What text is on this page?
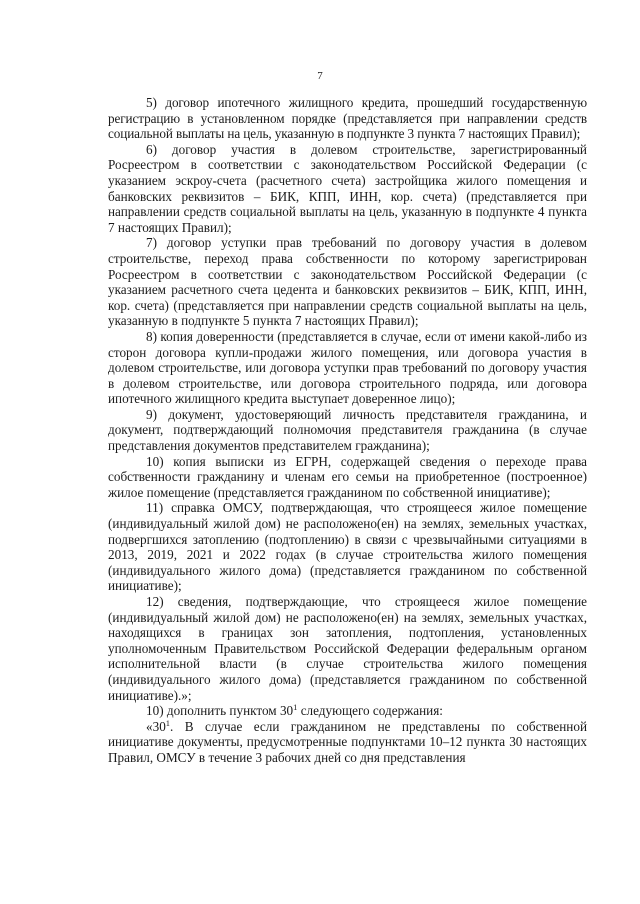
7

5) договор ипотечного жилищного кредита, прошедший государственную регистрацию в установленном порядке (представляется при направлении средств социальной выплаты на цель, указанную в подпункте 3 пункта 7 настоящих Правил);

6) договор участия в долевом строительстве, зарегистрированный Росреестром в соответствии с законодательством Российской Федерации (с указанием эскроу-счета (расчетного счета) застройщика жилого помещения и банковских реквизитов – БИК, КПП, ИНН, кор. счета) (представляется при направлении средств социальной выплаты на цель, указанную в подпункте 4 пункта 7 настоящих Правил);

7) договор уступки прав требований по договору участия в долевом строительстве, переход права собственности по которому зарегистрирован Росреестром в соответствии с законодательством Российской Федерации (с указанием расчетного счета цедента и банковских реквизитов – БИК, КПП, ИНН, кор. счета) (представляется при направлении средств социальной выплаты на цель, указанную в подпункте 5 пункта 7 настоящих Правил);

8) копия доверенности (представляется в случае, если от имени какой-либо из сторон договора купли-продажи жилого помещения, или договора участия в долевом строительстве, или договора уступки прав требований по договору участия в долевом строительстве, или договора строительного подряда, или договора ипотечного жилищного кредита выступает доверенное лицо);

9) документ, удостоверяющий личность представителя гражданина, и документ, подтверждающий полномочия представителя гражданина (в случае представления документов представителем гражданина);

10) копия выписки из ЕГРН, содержащей сведения о переходе права собственности гражданину и членам его семьи на приобретенное (построенное) жилое помещение (представляется гражданином по собственной инициативе);

11) справка ОМСУ, подтверждающая, что строящееся жилое помещение (индивидуальный жилой дом) не расположено(ен) на землях, земельных участках, подвергшихся затоплению (подтоплению) в связи с чрезвычайными ситуациями в 2013, 2019, 2021 и 2022 годах (в случае строительства жилого помещения (индивидуального жилого дома) (представляется гражданином по собственной инициативе);

12) сведения, подтверждающие, что строящееся жилое помещение (индивидуальный жилой дом) не расположено(ен) на землях, земельных участках, находящихся в границах зон затопления, подтопления, установленных уполномоченным Правительством Российской Федерации федеральным органом исполнительной власти (в случае строительства жилого помещения (индивидуального жилого дома) (представляется гражданином по собственной инициативе).»;

10) дополнить пунктом $30^1$ следующего содержания:

«$30^1$. В случае если гражданином не представлены по собственной инициативе документы, предусмотренные подпунктами 10–12 пункта 30 настоящих Правил, ОМСУ в течение 3 рабочих дней со дня представления
